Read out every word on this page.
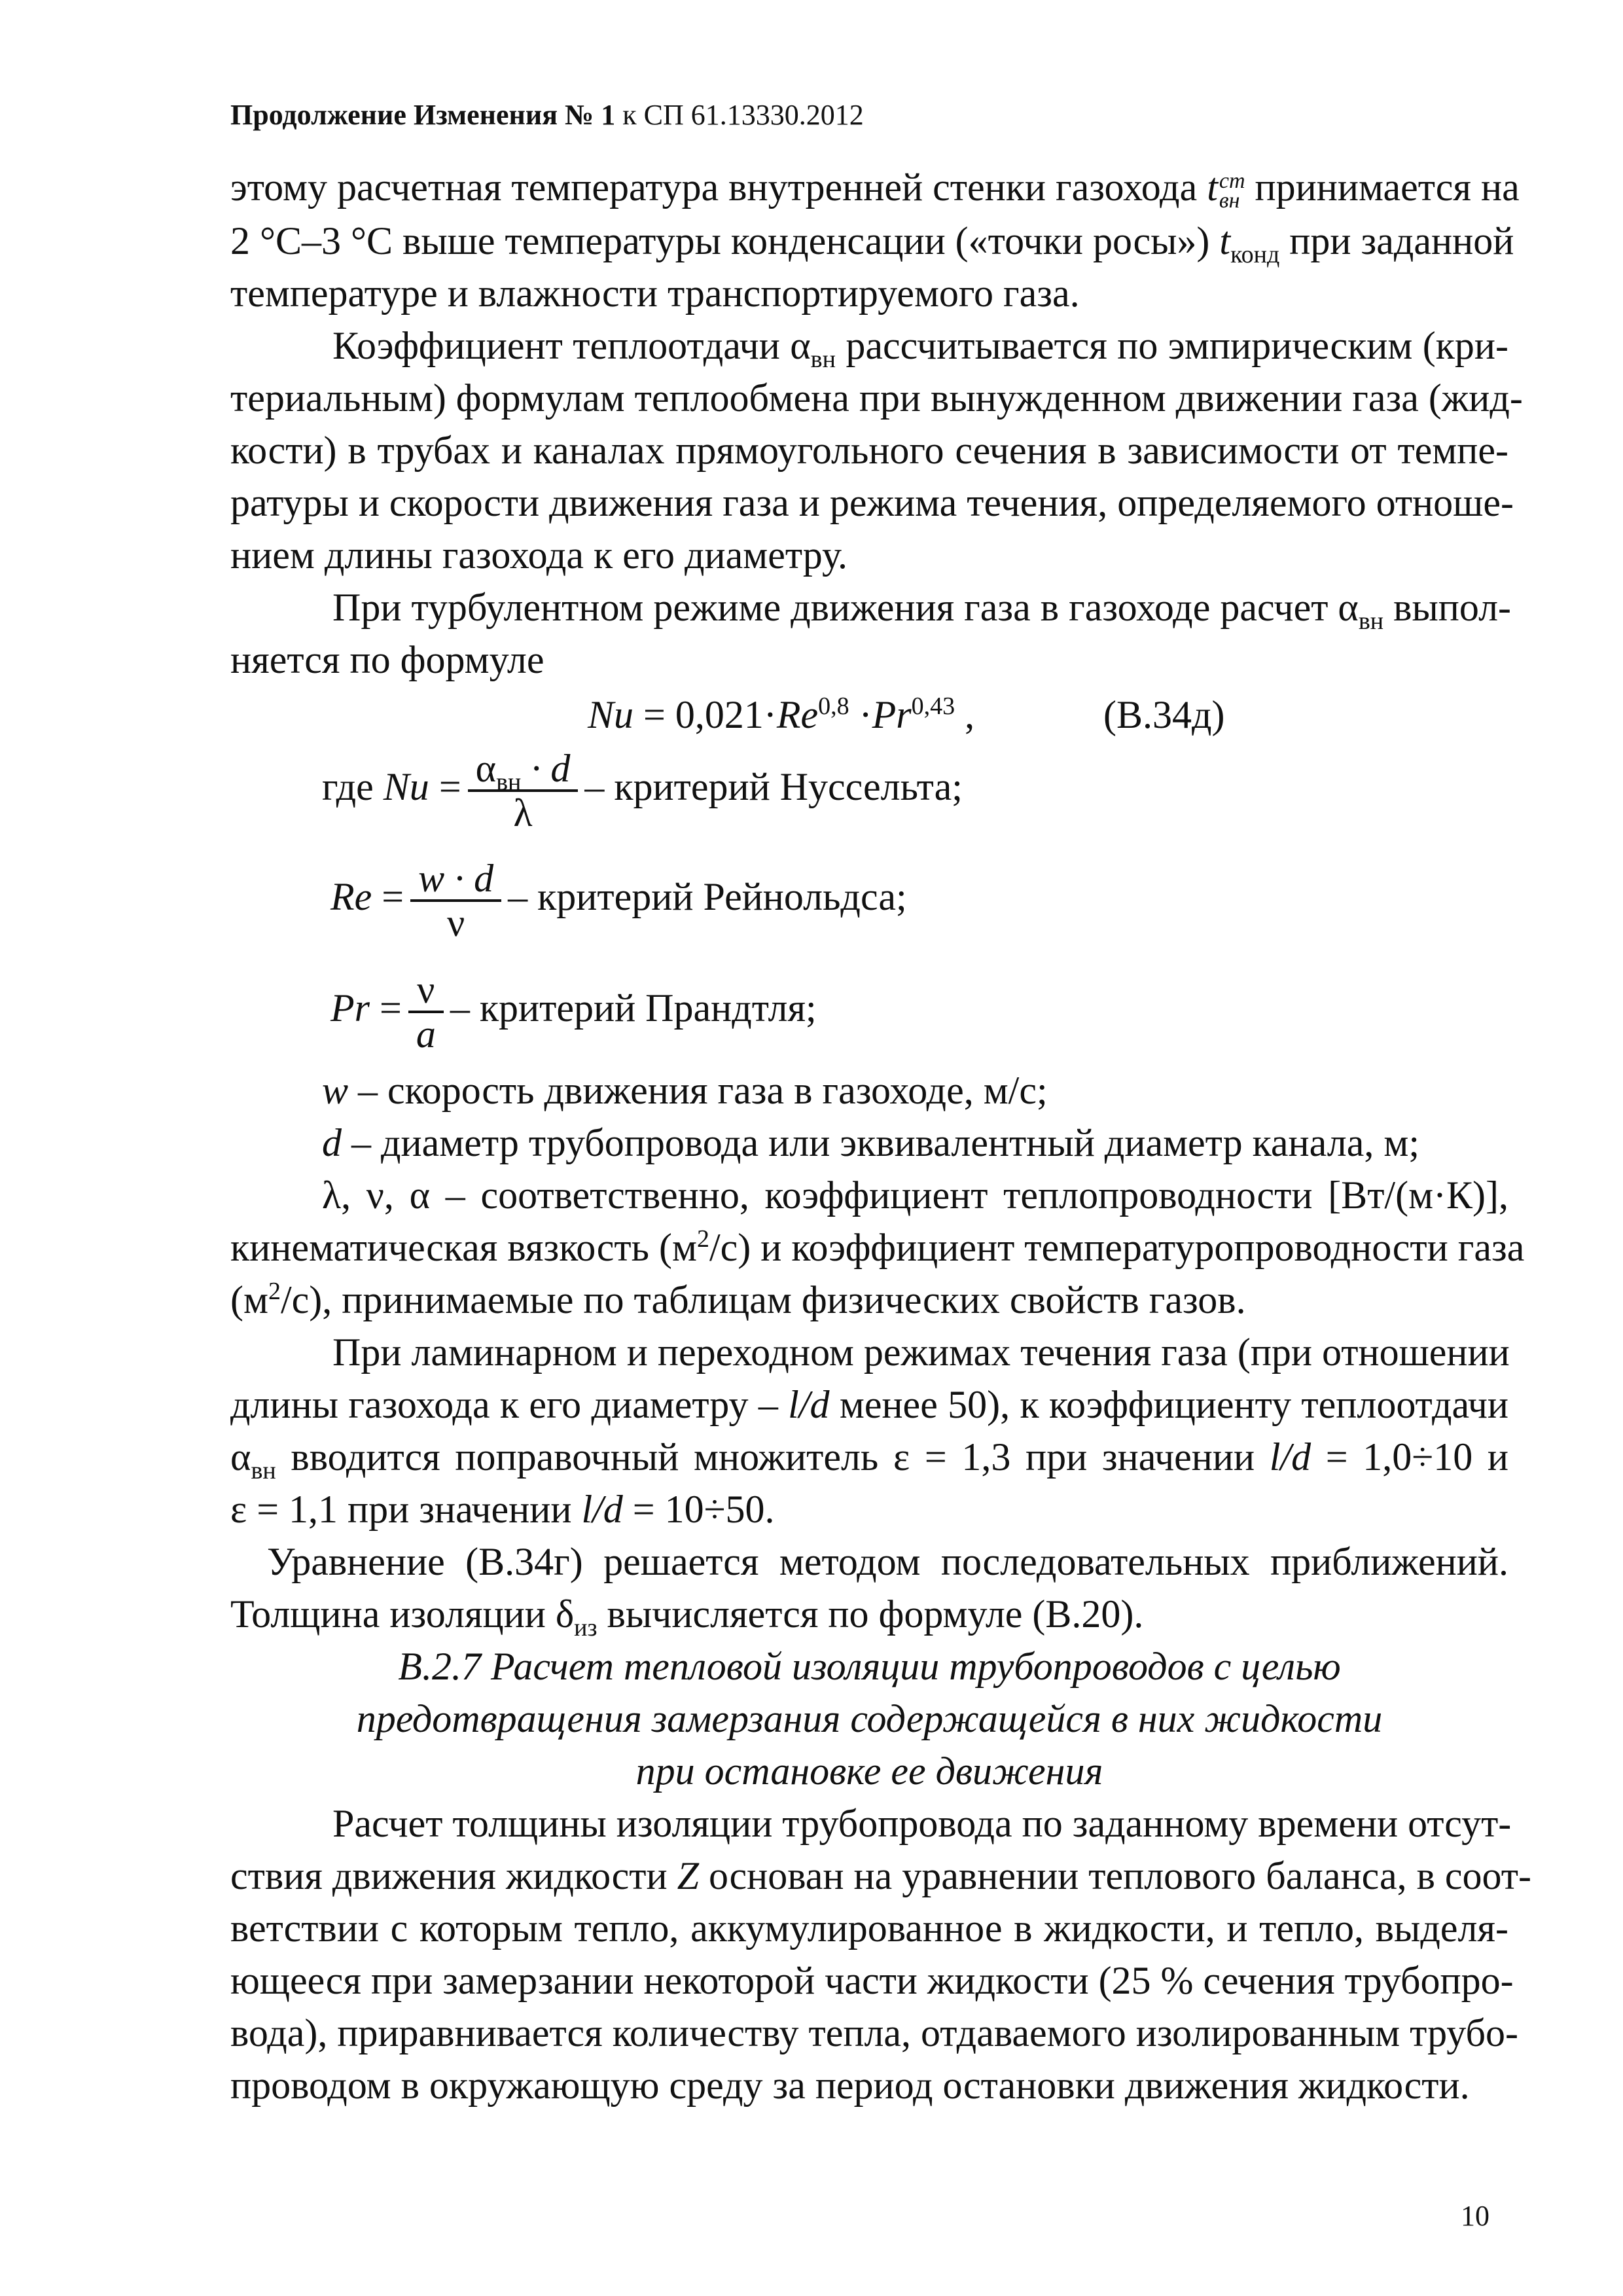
Продолжение Изменения № 1 к СП 61.13330.2012
этому расчетная температура внутренней стенки газохода t ст
вн принимается на
2 °С–3 °С выше температуры конденсации («точки росы») $t_{конд}$ при заданной
температуре и влажности транспортируемого газа.
Коэффициент теплоотдачи $\alpha_{вн}$ рассчитывается по эмпирическим (кри-
териальным) формулам теплообмена при вынужденном движении газа (жид-
кости) в трубах и каналах прямоугольного сечения в зависимости от темпе-
ратуры и скорости движения газа и режима течения, определяемого отноше-
нием длины газохода к его диаметру.
При турбулентном режиме движения газа в газоходе расчет $\alpha_{вн}$ выпол-
няется по формуле
Nu = 0,021·Re$^{0,8}$ ·Pr$^{0,43}$ ,	(В.34д)
где $Nu = \frac{\alpha_{вн} \cdot d}{\lambda}$ – критерий Нуссельта;
$Re = \frac{w \cdot d}{\nu}$ – критерий Рейнольдса;
$Pr = \frac{\nu}{a}$ – критерий Прандтля;
w – скорость движения газа в газоходе, м/с;
d – диаметр трубопровода или эквивалентный диаметр канала, м;
λ, ν, α – соответственно, коэффициент теплопроводности [Вт/(м·К)],
кинематическая вязкость $(м^2/с)$ и коэффициент температуропроводности газа
$(м^2/с)$, принимаемые по таблицам физических свойств газов.
При ламинарном и переходном режимах течения газа (при отношении
длины газохода к его диаметру – l/d менее 50), к коэффициенту теплоотдачи
$\alpha_{вн}$ вводится поправочный множитель ε = 1,3 при значении l/d = 1,0÷10 и
ε = 1,1 при значении l/d = 10÷50.
Уравнение (В.34г) решается методом последовательных приближений.
Толщина изоляции $\delta_{из}$ вычисляется по формуле (В.20).
В.2.7 Расчет тепловой изоляции трубопроводов с целью
предотвращения замерзания содержащейся в них жидкости
при остановке ее движения
Расчет толщины изоляции трубопровода по заданному времени отсут-
ствия движения жидкости Z основан на уравнении теплового баланса, в соот-
ветствии с которым тепло, аккумулированное в жидкости, и тепло, выделя-
ющееся при замерзании некоторой части жидкости (25 % сечения трубопро-
вода), приравнивается количеству тепла, отдаваемого изолированным трубо-
проводом в окружающую среду за период остановки движения жидкости.
10
